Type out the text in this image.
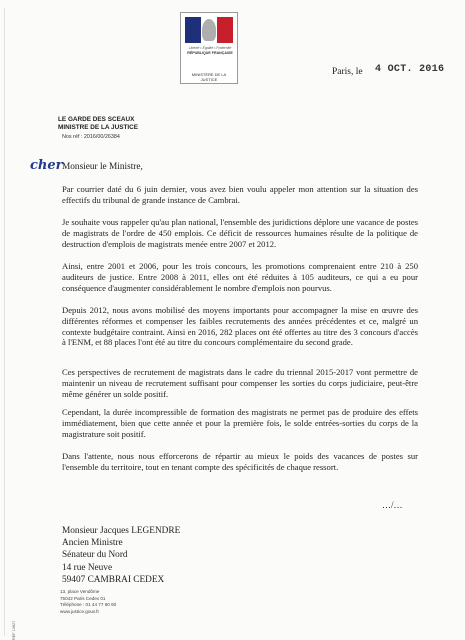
Liberté • Égalité • Fraternité
RÉPUBLIQUE FRANÇAISE
MINISTÈRE DE LA JUSTICE
Paris, le 4 OCT. 2016
LE GARDE DES SCEAUX
MINISTRE DE LA JUSTICE
Nos réf : 2016/00/26384
cher Monsieur le Ministre,

Par courrier daté du 6 juin dernier, vous avez bien voulu appeler mon attention sur la situation des effectifs du tribunal de grande instance de Cambrai.

Je souhaite vous rappeler qu'au plan national, l'ensemble des juridictions déplore une vacance de postes de magistrats de l'ordre de 450 emplois. Ce déficit de ressources humaines résulte de la politique de destruction d'emplois de magistrats menée entre 2007 et 2012.

Ainsi, entre 2001 et 2006, pour les trois concours, les promotions comprenaient entre 210 à 250 auditeurs de justice. Entre 2008 à 2011, elles ont été réduites à 105 auditeurs, ce qui a eu pour conséquence d'augmenter considérablement le nombre d'emplois non pourvus.

Depuis 2012, nous avons mobilisé des moyens importants pour accompagner la mise en œuvre des différentes réformes et compenser les faibles recrutements des années précédentes et ce, malgré un contexte budgétaire contraint. Ainsi en 2016, 282 places ont été offertes au titre des 3 concours d'accès à l'ENM, et 88 places l'ont été au titre du concours complémentaire du second grade.

Ces perspectives de recrutement de magistrats dans le cadre du triennal 2015-2017 vont permettre de maintenir un niveau de recrutement suffisant pour compenser les sorties du corps judiciaire, peut-être même générer un solde positif.

Cependant, la durée incompressible de formation des magistrats ne permet pas de produire des effets immédiatement, bien que cette année et pour la première fois, le solde entrées-sorties du corps de la magistrature soit positif.

Dans l'attente, nous nous efforcerons de répartir au mieux le poids des vacances de postes sur l'ensemble du territoire, tout en tenant compte des spécificités de chaque ressort.

…/…
Monsieur Jacques LEGENDRE
Ancien Ministre
Sénateur du Nord
14 rue Neuve
59407 CAMBRAI CEDEX
13, place Vendôme
75042 Paris Cedex 01
Téléphone : 01 44 77 60 60
www.justice.gouv.fr
REF 10827
